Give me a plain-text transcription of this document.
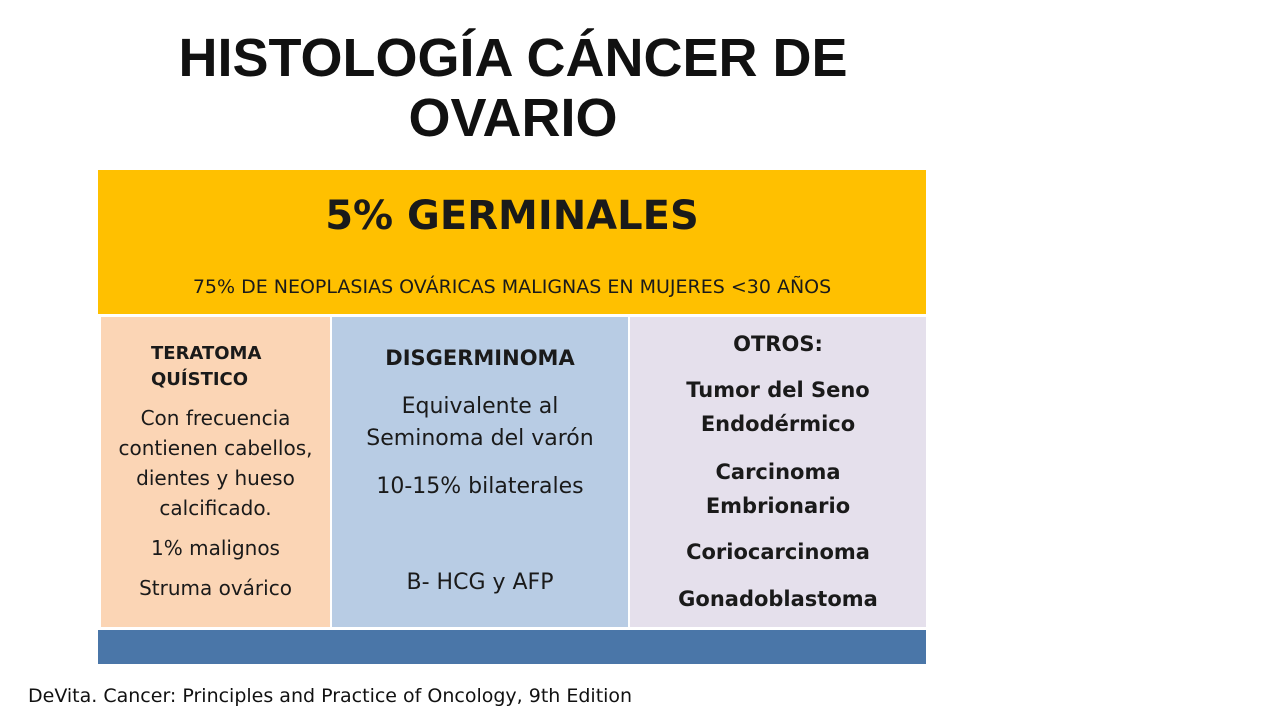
HISTOLOGÍA CÁNCER DE
OVARIO
5% GERMINALES
75% DE NEOPLASIAS OVÁRICAS MALIGNAS EN MUJERES <30 AÑOS
TERATOMA
QUÍSTICO
Con frecuencia
contienen cabellos,
dientes y hueso
calcificado.
1% malignos
Struma ovárico
DISGERMINOMA
Equivalente al
Seminoma del varón
10-15% bilaterales
B- HCG y AFP
OTROS:
Tumor del Seno
Endodérmico
Carcinoma
Embrionario
Coriocarcinoma
Gonadoblastoma
DeVita. Cancer: Principles and Practice of Oncology, 9th Edition
